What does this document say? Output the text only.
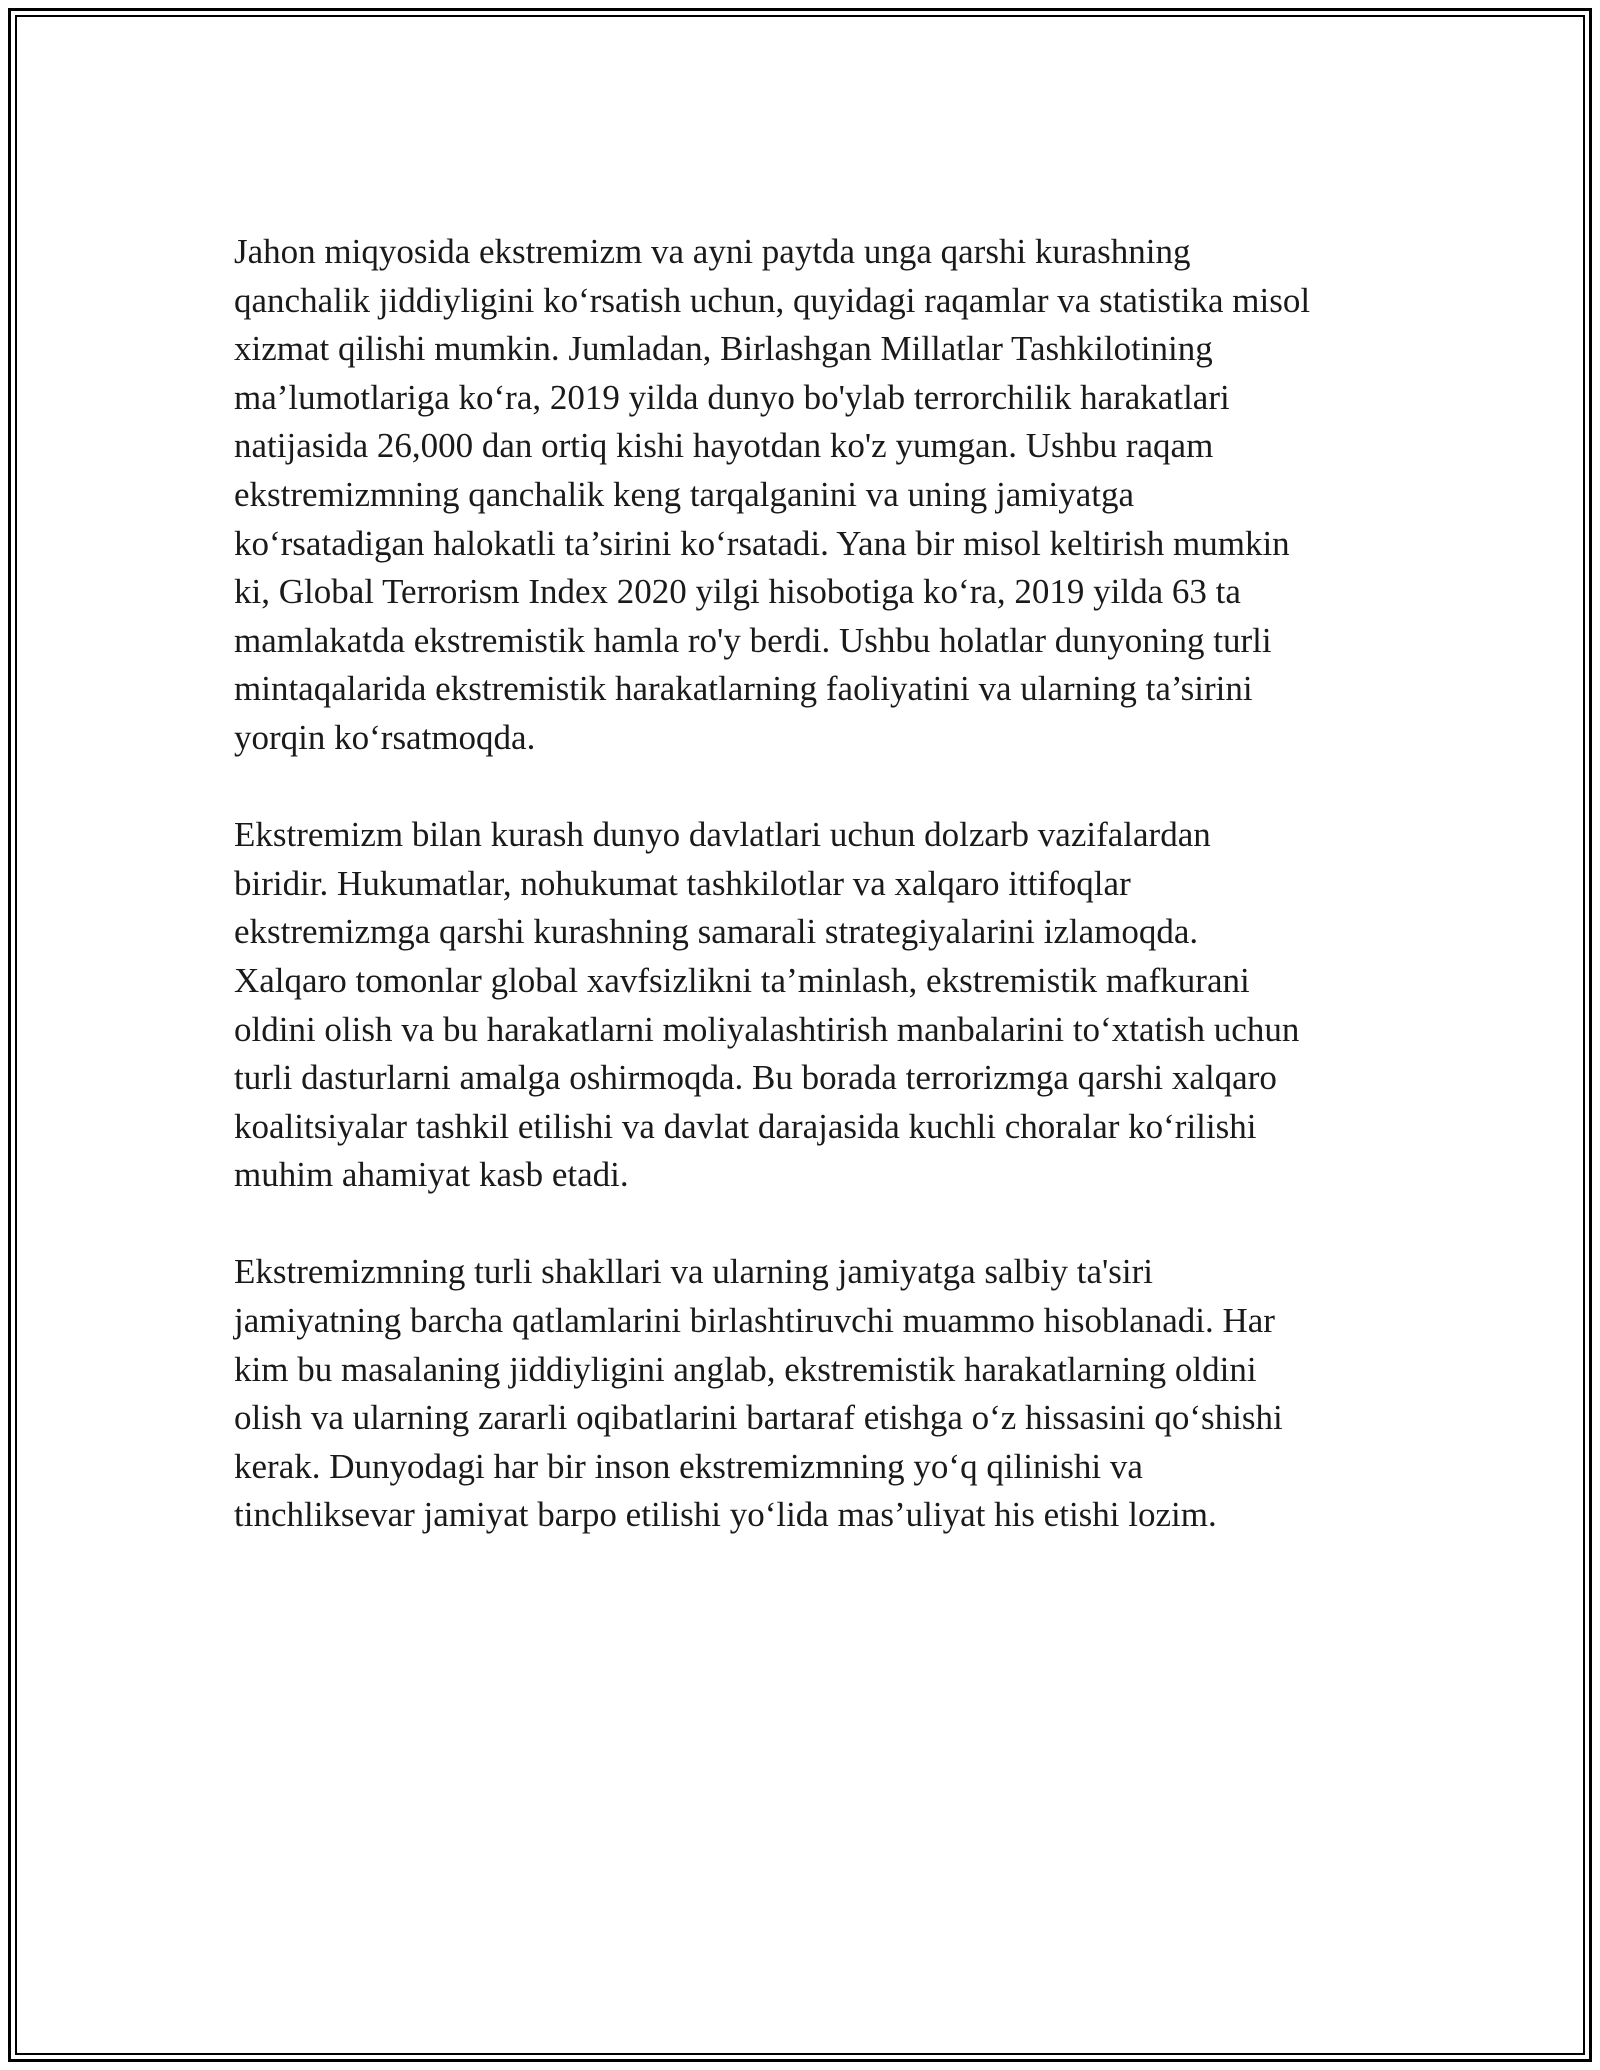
Jahon miqyosida ekstremizm va ayni paytda unga qarshi kurashning
qanchalik jiddiyligini ko‘rsatish uchun, quyidagi raqamlar va statistika misol
xizmat qilishi mumkin. Jumladan, Birlashgan Millatlar Tashkilotining
ma’lumotlariga ko‘ra, 2019 yilda dunyo bo'ylab terrorchilik harakatlari
natijasida 26,000 dan ortiq kishi hayotdan ko'z yumgan. Ushbu raqam
ekstremizmning qanchalik keng tarqalganini va uning jamiyatga
ko‘rsatadigan halokatli ta’sirini ko‘rsatadi. Yana bir misol keltirish mumkin
ki, Global Terrorism Index 2020 yilgi hisobotiga ko‘ra, 2019 yilda 63 ta
mamlakatda ekstremistik hamla ro'y berdi. Ushbu holatlar dunyoning turli
mintaqalarida ekstremistik harakatlarning faoliyatini va ularning ta’sirini
yorqin ko‘rsatmoqda.

Ekstremizm bilan kurash dunyo davlatlari uchun dolzarb vazifalardan
biridir. Hukumatlar, nohukumat tashkilotlar va xalqaro ittifoqlar
ekstremizmga qarshi kurashning samarali strategiyalarini izlamoqda.
Xalqaro tomonlar global xavfsizlikni ta’minlash, ekstremistik mafkurani
oldini olish va bu harakatlarni moliyalashtirish manbalarini to‘xtatish uchun
turli dasturlarni amalga oshirmoqda. Bu borada terrorizmga qarshi xalqaro
koalitsiyalar tashkil etilishi va davlat darajasida kuchli choralar ko‘rilishi
muhim ahamiyat kasb etadi.

Ekstremizmning turli shakllari va ularning jamiyatga salbiy ta'siri
jamiyatning barcha qatlamlarini birlashtiruvchi muammo hisoblanadi. Har
kim bu masalaning jiddiyligini anglab, ekstremistik harakatlarning oldini
olish va ularning zararli oqibatlarini bartaraf etishga o‘z hissasini qo‘shishi
kerak. Dunyodagi har bir inson ekstremizmning yo‘q qilinishi va
tinchliksevar jamiyat barpo etilishi yo‘lida mas’uliyat his etishi lozim.
